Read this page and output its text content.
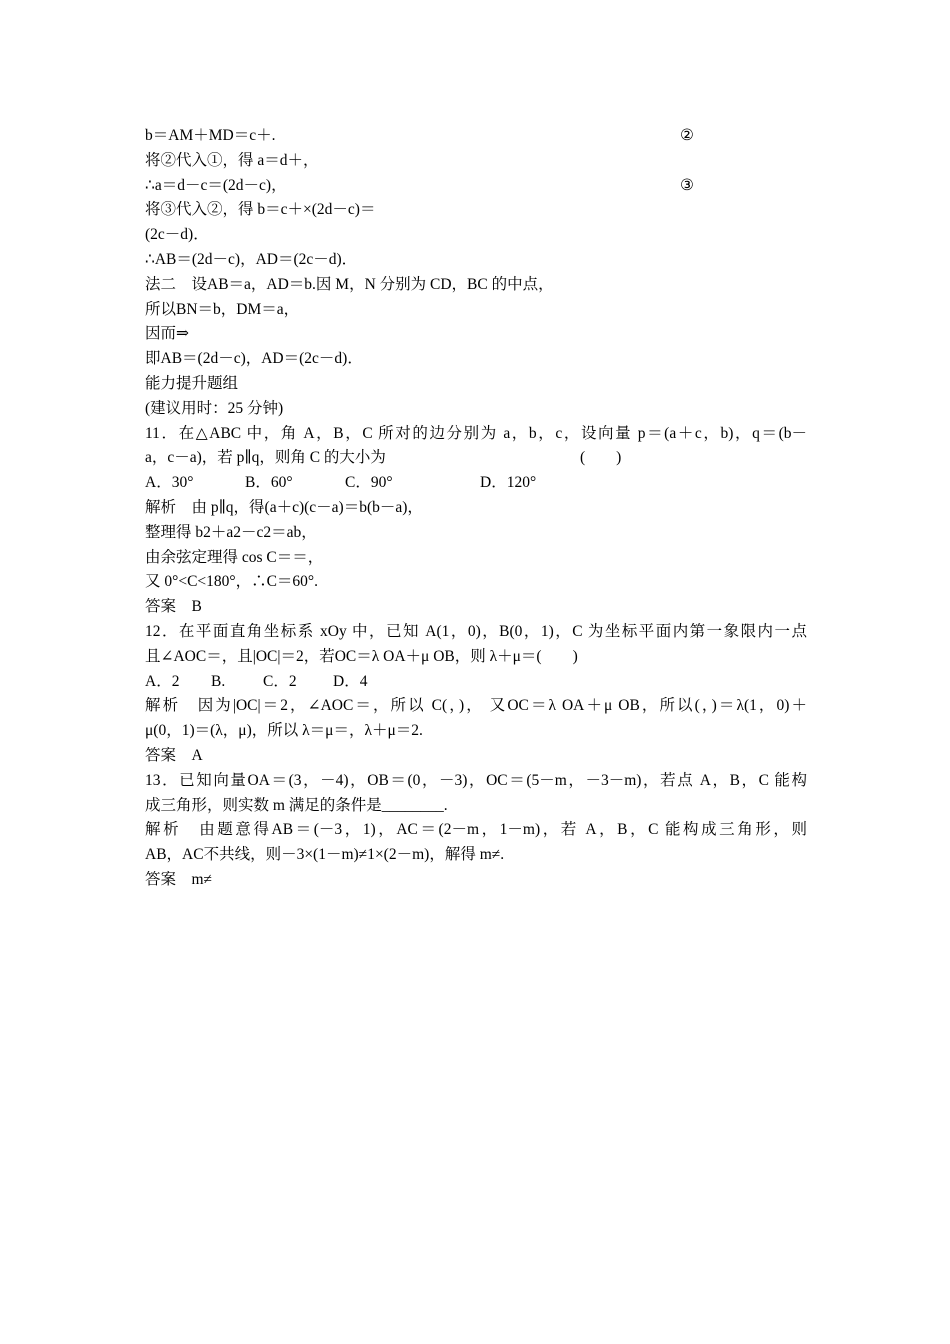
b＝AM＋MD＝c＋.	②
将②代入①，得 a＝d＋，
∴a＝d－c＝(2d－c)，	③
将③代入②，得 b＝c＋×(2d－c)＝
(2c－d)．
∴AB＝(2d－c)，AD＝(2c－d)．
法二　设AB＝a，AD＝b.因 M，N 分别为 CD，BC 的中点，
所以BN＝b，DM＝a，
因而⇒
即AB＝(2d－c)，AD＝(2c－d)．
能力提升题组
(建议用时：25 分钟)
11．在△ABC 中，角 A，B，C 所对的边分别为 a，b，c，设向量 p＝(a＋c，b)，q＝(b－
a，c－a)，若 p∥q，则角 C 的大小为	(　　)
A．30°	B．60°	C．90°	D．120°
解析　由 p∥q，得(a＋c)(c－a)＝b(b－a)，
整理得 b2＋a2－c2＝ab，
由余弦定理得 cos C＝＝，
又 0°<C<180°，∴C＝60°.
答案　B
12．在平面直角坐标系 xOy 中，已知 A(1，0)，B(0，1)，C 为坐标平面内第一象限内一点
且∠AOC＝，且|OC|＝2，若OC＝λ OA＋μ OB，则 λ＋μ＝(　　)
A．2 B. C．2 D．4
解析　因为|OC|＝2，∠AOC＝，所以 C(，)， 又OC＝λ OA＋μ OB，所以(，)＝λ(1，0)＋
μ(0，1)＝(λ，μ)，所以 λ＝μ＝，λ＋μ＝2.
答案　A
13．已知向量OA＝(3，－4)，OB＝(0，－3)，OC＝(5－m，－3－m)，若点 A，B，C 能构
成三角形，则实数 m 满足的条件是________.
解析　由题意得AB＝(－3，1)，AC＝(2－m，1－m)，若 A，B，C 能构成三角形，则
AB，AC不共线，则－3×(1－m)≠1×(2－m)，解得 m≠.
答案　m≠
